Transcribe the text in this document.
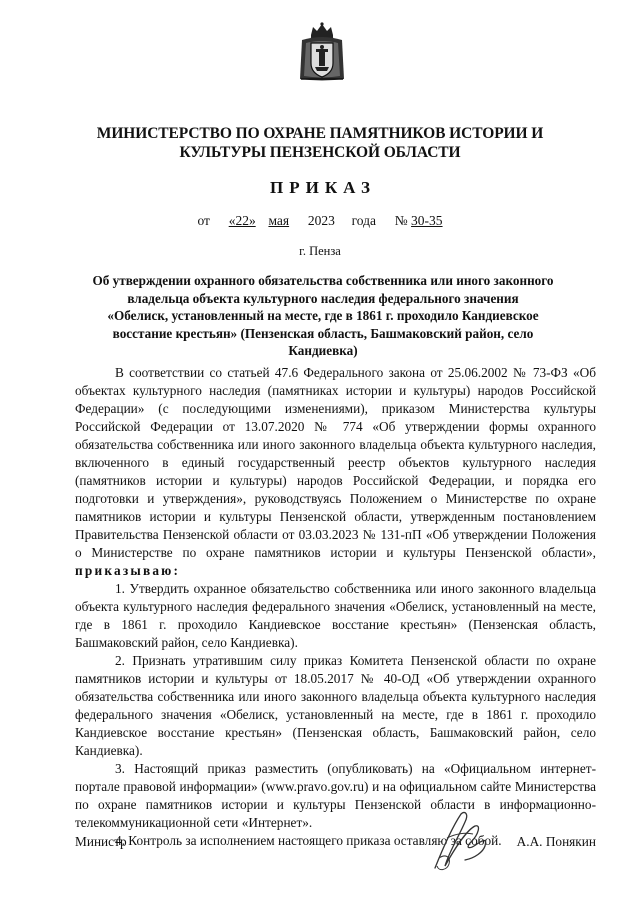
МИНИСТЕРСТВО ПО ОХРАНЕ ПАМЯТНИКОВ ИСТОРИИ И
КУЛЬТУРЫ ПЕНЗЕНСКОЙ ОБЛАСТИ
ПРИКАЗ
от «22» мая 2023 года № 30-35
г. Пенза
Об утверждении охранного обязательства собственника или иного законного
владельца объекта культурного наследия федерального значения
«Обелиск, установленный на месте, где в 1861 г. проходило Кандиевское
восстание крестьян» (Пензенская область, Башмаковский район, село
Кандиевка)

В соответствии со статьей 47.6 Федерального закона от 25.06.2002 № 73-ФЗ «Об объектах культурного наследия (памятниках истории и культуры) народов Российской Федерации» (с последующими изменениями), приказом Министерства культуры Российской Федерации от 13.07.2020 № 774 «Об утверждении формы охранного обязательства собственника или иного законного владельца объекта культурного наследия, включенного в единый государственный реестр объектов культурного наследия (памятников истории и культуры) народов Российской Федерации, и порядка его подготовки и утверждения», руководствуясь Положением о Министерстве по охране памятников истории и культуры Пензенской области, утвержденным постановлением Правительства Пензенской области от 03.03.2023 № 131-пП «Об утверждении Положения о Министерстве по охране памятников истории и культуры Пензенской области», приказываю:

1. Утвердить охранное обязательство собственника или иного законного владельца объекта культурного наследия федерального значения «Обелиск, установленный на месте, где в 1861 г. проходило Кандиевское восстание крестьян» (Пензенская область, Башмаковский район, село Кандиевка).

2. Признать утратившим силу приказ Комитета Пензенской области по охране памятников истории и культуры от 18.05.2017 № 40-ОД «Об утверждении охранного обязательства собственника или иного законного владельца объекта культурного наследия федерального значения «Обелиск, установленный на месте, где в 1861 г. проходило Кандиевское восстание крестьян» (Пензенская область, Башмаковский район, село Кандиевка).

3. Настоящий приказ разместить (опубликовать) на «Официальном интернет-портале правовой информации» (www.pravo.gov.ru) и на официальном сайте Министерства по охране памятников истории и культуры Пензенской области в информационно-телекоммуникационной сети «Интернет».

4. Контроль за исполнением настоящего приказа оставляю за собой.

Министр	А.А. Понякин
